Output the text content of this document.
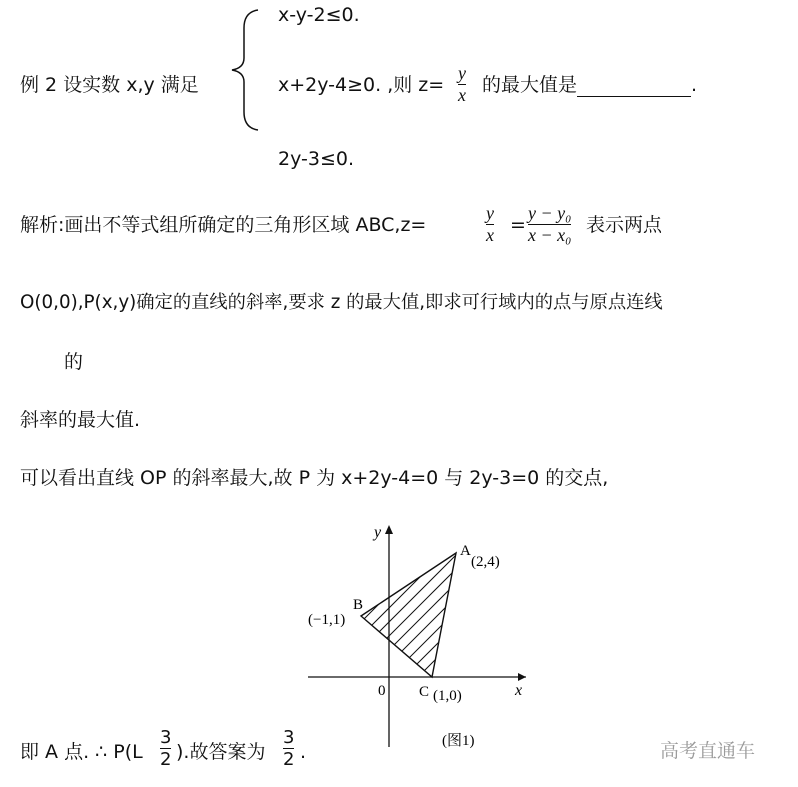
例 2 设实数 x,y 满足
x-y-2≤0.
x+2y-4≥0. ,则 z=
y
x 的最大值是	.
2y-3≤0.
解析:画出不等式组所确定的三角形区域 ABC,z=
y
x =
y − y₀
x − x₀ 表示两点
O(0,0),P(x,y)确定的直线的斜率,要求 z 的最大值,即求可行域内的点与原点连线
的
斜率的最大值.
可以看出直线 OP 的斜率最大,故 P 为 x+2y-4=0 与 2y-3=0 的交点,
y
x
0
A
(2,4)
B
(−1,1)
C (1,0)
(图1)
即 A 点. ∴ P(L
3
2 ).故答案为
3
2 .	高考直通车
